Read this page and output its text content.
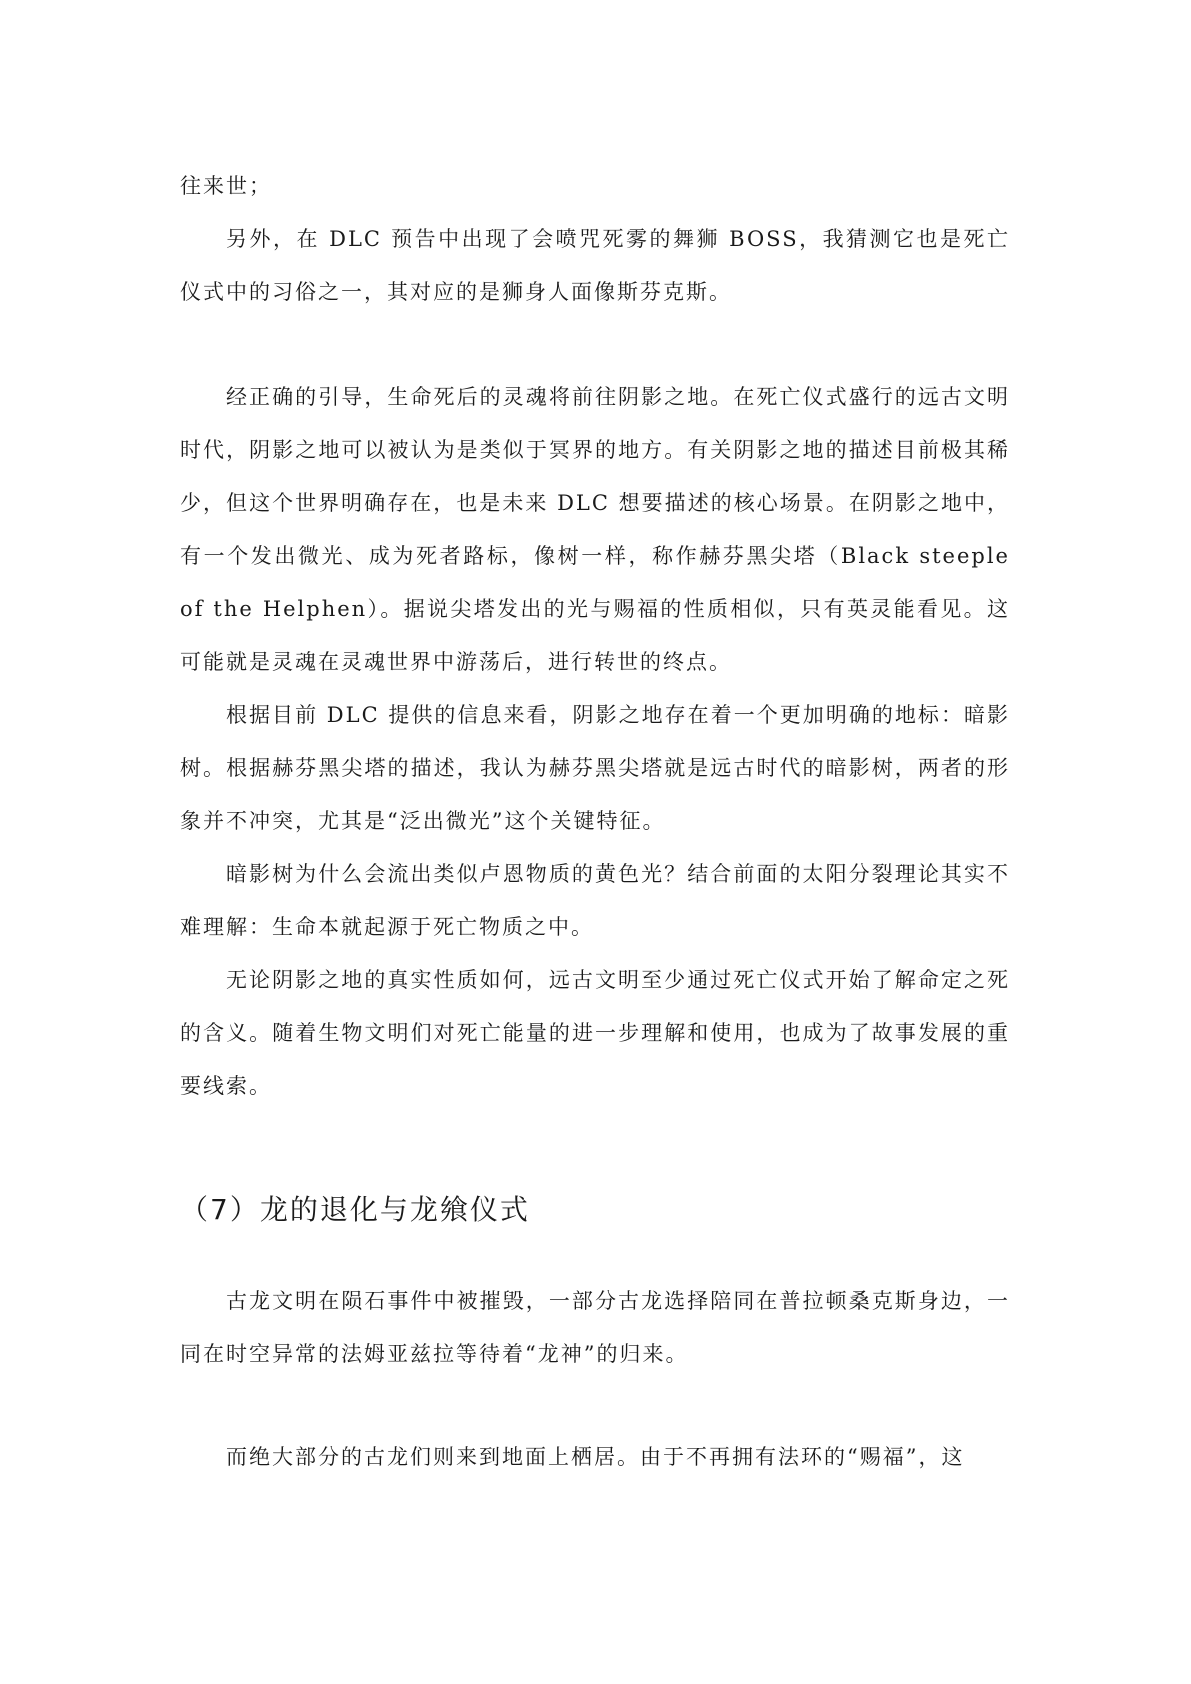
往来世；

另外，在 DLC 预告中出现了会喷咒死雾的舞狮 BOSS，我猜测它也是死亡仪式中的习俗之一，其对应的是狮身人面像斯芬克斯。

经正确的引导，生命死后的灵魂将前往阴影之地。在死亡仪式盛行的远古文明时代，阴影之地可以被认为是类似于冥界的地方。有关阴影之地的描述目前极其稀少，但这个世界明确存在，也是未来 DLC 想要描述的核心场景。在阴影之地中，有一个发出微光、成为死者路标，像树一样，称作赫芬黑尖塔（Black steeple of the Helphen）。据说尖塔发出的光与赐福的性质相似，只有英灵能看见。这可能就是灵魂在灵魂世界中游荡后，进行转世的终点。

根据目前 DLC 提供的信息来看，阴影之地存在着一个更加明确的地标：暗影树。根据赫芬黑尖塔的描述，我认为赫芬黑尖塔就是远古时代的暗影树，两者的形象并不冲突，尤其是“泛出微光”这个关键特征。

暗影树为什么会流出类似卢恩物质的黄色光？结合前面的太阳分裂理论其实不难理解：生命本就起源于死亡物质之中。

无论阴影之地的真实性质如何，远古文明至少通过死亡仪式开始了解命定之死的含义。随着生物文明们对死亡能量的进一步理解和使用，也成为了故事发展的重要线索。

（7）龙的退化与龙飨仪式

古龙文明在陨石事件中被摧毁，一部分古龙选择陪同在普拉顿桑克斯身边，一同在时空异常的法姆亚兹拉等待着“龙神”的归来。

而绝大部分的古龙们则来到地面上栖居。由于不再拥有法环的“赐福”，这
